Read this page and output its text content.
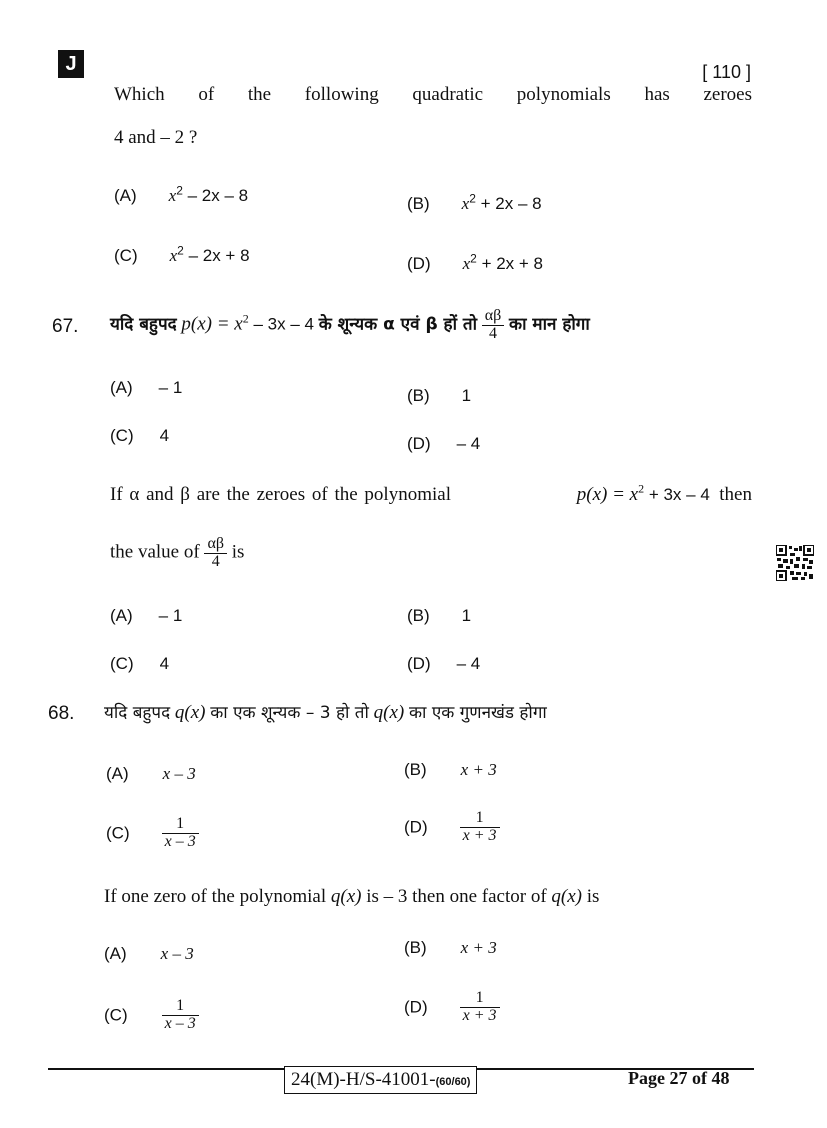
J	[ 110 ]
Which of the following quadratic polynomials has zeroes
4 and – 2 ?
(A) $x^2 - 2x - 8$	(B) $x^2 + 2x - 8$
(C) $x^2 - 2x + 8$	(D) $x^2 + 2x + 8$
67. यदि बहुपद $p(x) = x^2 - 3x - 4$ के शून्यक α एवं β हों तो $\frac{\alpha\beta}{4}$ का मान होगा
(A) – 1	(B) 1
(C) 4	(D) – 4
If α and β are the zeroes of the polynomial	$p(x) = x^2 + 3x - 4$ then
the value of $\frac{\alpha\beta}{4}$ is
(A) – 1	(B) 1
(C) 4	(D) – 4
68. यदि बहुपद q(x) का एक शून्यक – 3 हो तो q(x) का एक गुणनखंड होगा
(A) x – 3	(B) x + 3
$(C) \frac{1}{x - 3}$	$(D) \frac{1}{x + 3}$
If one zero of the polynomial q(x) is – 3 then one factor of q(x) is
(A) x – 3	(B) x + 3
$(C) \frac{1}{x - 3}$	$(D) \frac{1}{x + 3}$
24(M)-H/S-41001-(60/60)	Page 27 of 48
